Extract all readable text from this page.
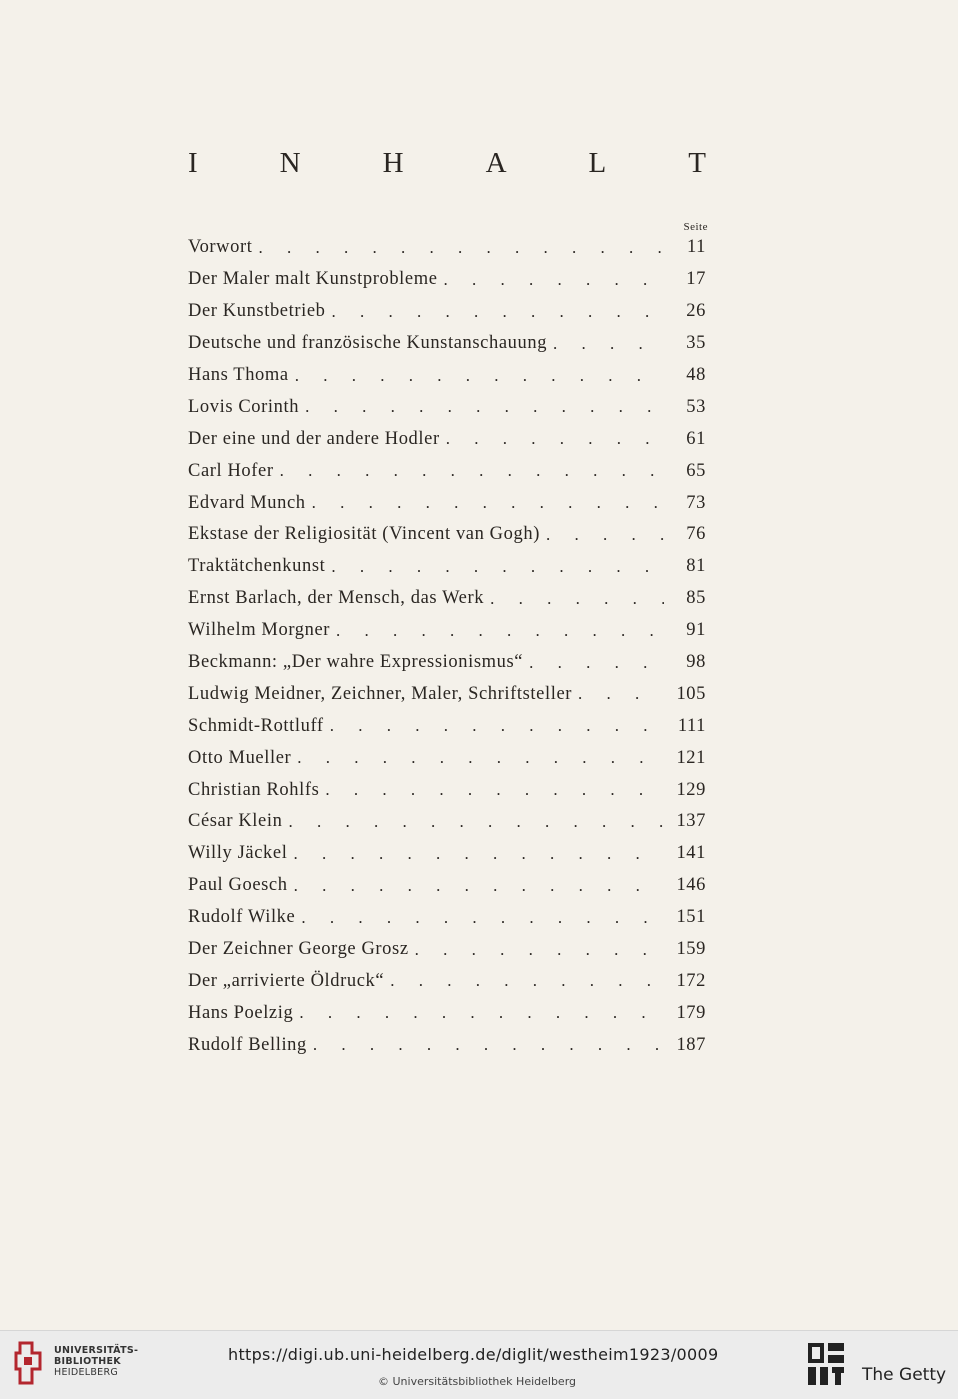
I	N	H	A	L	T
Seite
Vorwort . . .	11
Der Maler malt Kunstprobleme . . .	17
Der Kunstbetrieb . . .	26
Deutsche und französische Kunstanschauung . . .	35
Hans Thoma . . .	48
Lovis Corinth . . .	53
Der eine und der andere Hodler . . .	61
Carl Hofer . . .	65
Edvard Munch . . .	73
Ekstase der Religiosität (Vincent van Gogh) . . .	76
Traktätchenkunst . . .	81
Ernst Barlach, der Mensch, das Werk . . .	85
Wilhelm Morgner . . .	91
Beckmann: „Der wahre Expressionismus“ . . .	98
Ludwig Meidner, Zeichner, Maler, Schriftsteller . . .	105
Schmidt-Rottluff . . .	111
Otto Mueller . . .	121
Christian Rohlfs . . .	129
César Klein . . .	137
Willy Jäckel . . .	141
Paul Goesch . . .	146
Rudolf Wilke . . .	151
Der Zeichner George Grosz . . .	159
Der „arrivierte Öldruck“ . . .	172
Hans Poelzig . . .	179
Rudolf Belling . . .	187
UNIVERSITÄTS-
BIBLIOTHEK
HEIDELBERG
https://digi.ub.uni-heidelberg.de/diglit/westheim1923/0009
© Universitätsbibliothek Heidelberg	The Getty
